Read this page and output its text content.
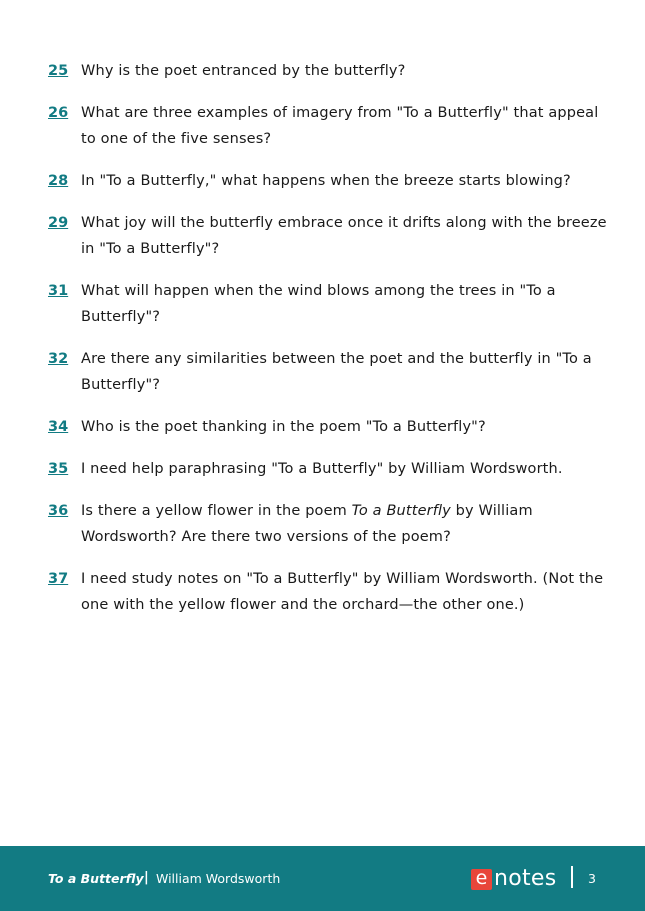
25 Why is the poet entranced by the butterfly?
26 What are three examples of imagery from "To a Butterfly" that appeal to one of the five senses?
28 In "To a Butterfly," what happens when the breeze starts blowing?
29 What joy will the butterfly embrace once it drifts along with the breeze in "To a Butterfly"?
31 What will happen when the wind blows among the trees in "To a Butterfly"?
32 Are there any similarities between the poet and the butterfly in "To a Butterfly"?
34 Who is the poet thanking in the poem "To a Butterfly"?
35 I need help paraphrasing "To a Butterfly" by William Wordsworth.
36 Is there a yellow flower in the poem To a Butterfly by William Wordsworth? Are there two versions of the poem?
37 I need study notes on "To a Butterfly" by William Wordsworth. (Not the one with the yellow flower and the orchard—the other one.)
To a Butterfly | William Wordsworth	e notes	3
